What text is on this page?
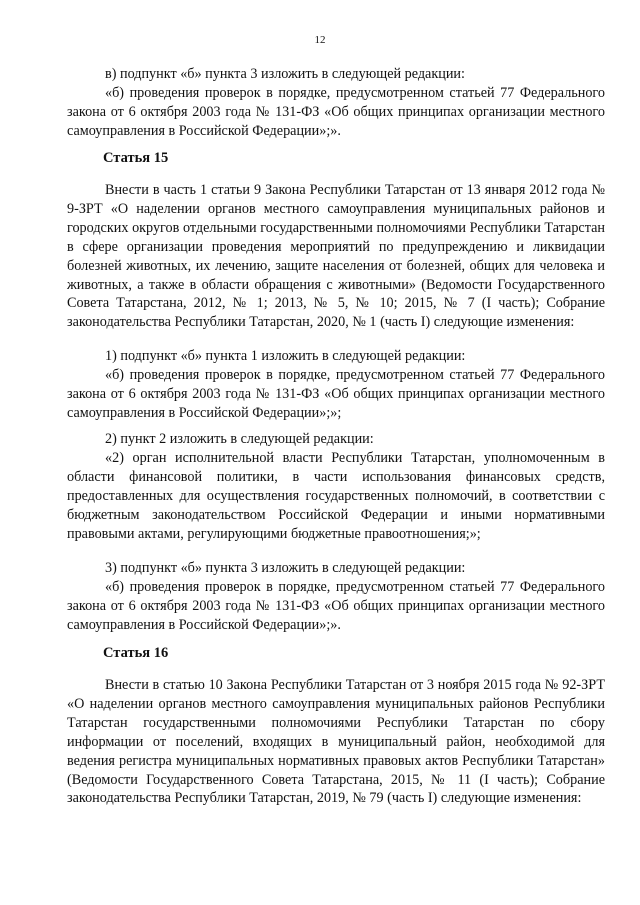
12

в) подпункт «б» пункта 3 изложить в следующей редакции:

«б) проведения проверок в порядке, предусмотренном статьей 77 Федерального закона от 6 октября 2003 года № 131-ФЗ «Об общих принципах организации местного самоуправления в Российской Федерации»;».

Статья 15

Внести в часть 1 статьи 9 Закона Республики Татарстан от 13 января 2012 года № 9-ЗРТ «О наделении органов местного самоуправления муниципальных районов и городских округов отдельными государственными полномочиями Республики Татарстан в сфере организации проведения мероприятий по предупреждению и ликвидации болезней животных, их лечению, защите населения от болезней, общих для человека и животных, а также в области обращения с животными» (Ведомости Государственного Совета Татарстана, 2012, № 1; 2013, № 5, № 10; 2015, № 7 (I часть); Собрание законодательства Республики Татарстан, 2020, № 1 (часть I) следующие изменения:

1) подпункт «б» пункта 1 изложить в следующей редакции:

«б) проведения проверок в порядке, предусмотренном статьей 77 Федерального закона от 6 октября 2003 года № 131-ФЗ «Об общих принципах организации местного самоуправления в Российской Федерации»;»;

2) пункт 2 изложить в следующей редакции:

«2) орган исполнительной власти Республики Татарстан, уполномоченным в области финансовой политики, в части использования финансовых средств, предоставленных для осуществления государственных полномочий, в соответствии с бюджетным законодательством Российской Федерации и иными нормативными правовыми актами, регулирующими бюджетные правоотношения;»;

3) подпункт «б» пункта 3 изложить в следующей редакции:

«б) проведения проверок в порядке, предусмотренном статьей 77 Федерального закона от 6 октября 2003 года № 131-ФЗ «Об общих принципах организации местного самоуправления в Российской Федерации»;».

Статья 16

Внести в статью 10 Закона Республики Татарстан от 3 ноября 2015 года № 92-ЗРТ «О наделении органов местного самоуправления муниципальных районов Республики Татарстан государственными полномочиями Республики Татарстан по сбору информации от поселений, входящих в муниципальный район, необходимой для ведения регистра муниципальных нормативных правовых актов Республики Татарстан» (Ведомости Государственного Совета Татарстана, 2015, № 11 (I часть); Собрание законодательства Республики Татарстан, 2019, № 79 (часть I) следующие изменения:
